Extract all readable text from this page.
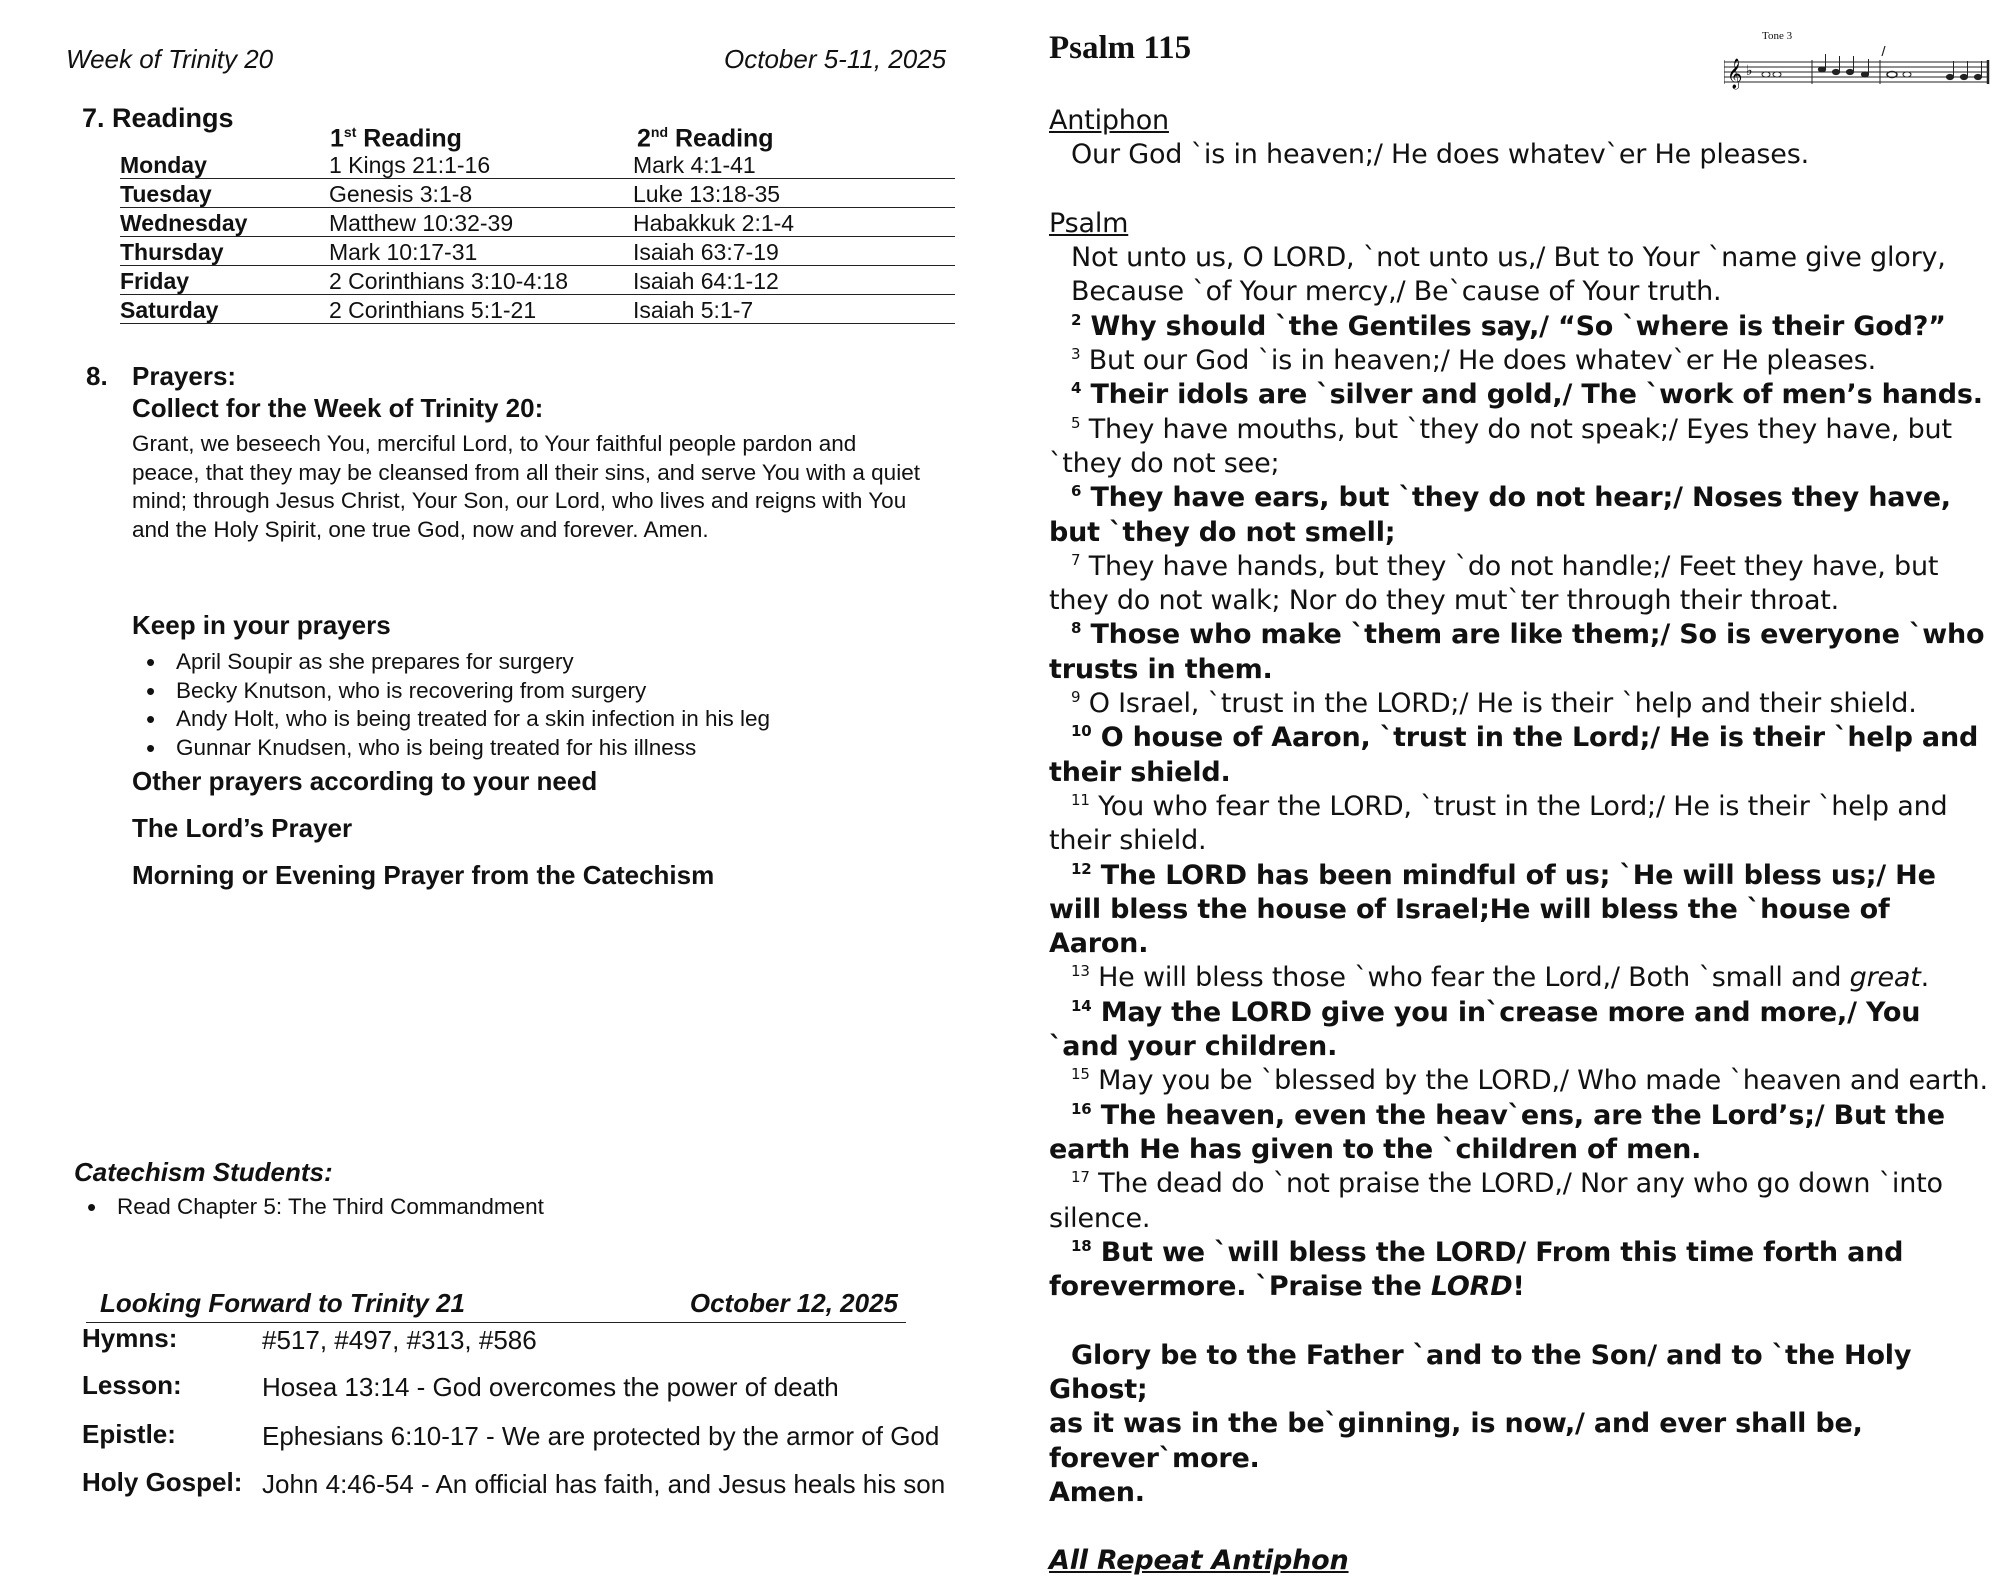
Week of Trinity 20	October 5-11, 2025
7. Readings
1st Reading	2nd Reading
Monday	1 Kings 21:1-16	Mark 4:1-41
Tuesday	Genesis 3:1-8	Luke 13:18-35
Wednesday	Matthew 10:32-39	Habakkuk 2:1-4
Thursday	Mark 10:17-31	Isaiah 63:7-19
Friday	2 Corinthians 3:10-4:18	Isaiah 64:1-12
Saturday	2 Corinthians 5:1-21	Isaiah 5:1-7
8. Prayers:
Collect for the Week of Trinity 20:
Grant, we beseech You, merciful Lord, to Your faithful people pardon and
peace, that they may be cleansed from all their sins, and serve You with a quiet
mind; through Jesus Christ, Your Son, our Lord, who lives and reigns with You
and the Holy Spirit, one true God, now and forever. Amen.
Keep in your prayers
• April Soupir as she prepares for surgery
• Becky Knutson, who is recovering from surgery
• Andy Holt, who is being treated for a skin infection in his leg
• Gunnar Knudsen, who is being treated for his illness
Other prayers according to your need
The Lord’s Prayer
Morning or Evening Prayer from the Catechism
Catechism Students:
• Read Chapter 5: The Third Commandment
Looking Forward to Trinity 21	October 12, 2025
Hymns:	#517, #497, #313, #586
Lesson:	Hosea 13:14 - God overcomes the power of death
Epistle:	Ephesians 6:10-17 - We are protected by the armor of God
Holy Gospel: John 4:46-54 - An official has faith, and Jesus heals his son
Psalm 115	Tone 3
𝄞 ♭

Antiphon

Our God `is in heaven;/ He does whatev`er He pleases.

Psalm

Not unto us, O LORD, `not unto us,/ But to Your `name give glory,

Because `of Your mercy,/ Be`cause of Your truth.

$^2$ Why should `the Gentiles say,/ “So `where is their God?”

$^3$ But our God `is in heaven;/ He does whatev`er He pleases.

$^4$ Their idols are `silver and gold,/ The `work of men’s hands.

$^5$ They have mouths, but `they do not speak;/ Eyes they have, but `they do not see;

$^6$ They have ears, but `they do not hear;/ Noses they have, but `they do not smell;

$^7$ They have hands, but they `do not handle;/ Feet they have, but they do not walk; Nor do they mut`ter through their throat.

$^8$ Those who make `them are like them;/ So is everyone `who trusts in them.

$^9$ O Israel, `trust in the LORD;/ He is their `help and their shield.

$^{10}$ O house of Aaron, `trust in the Lord;/ He is their `help and their shield.

$^{11}$ You who fear the LORD, `trust in the Lord;/ He is their `help and their shield.

$^{12}$ The LORD has been mindful of us; `He will bless us;/ He will bless the house of Israel;He will bless the `house of Aaron.

$^{13}$ He will bless those `who fear the Lord,/ Both `small and great.

$^{14}$ May the LORD give you in`crease more and more,/ You `and your children.

$^{15}$ May you be `blessed by the LORD,/ Who made `heaven and earth.

$^{16}$ The heaven, even the heav`ens, are the Lord’s;/ But the earth He has given to the `children of men.

$^{17}$ The dead do `not praise the LORD,/ Nor any who go down `into silence.

$^{18}$ But we `will bless the LORD/ From this time forth and forevermore. `Praise the LORD!

Glory be to the Father `and to the Son/ and to `the Holy Ghost;

as it was in the be`ginning, is now,/ and ever shall be, forever`more.

Amen.

All Repeat Antiphon
